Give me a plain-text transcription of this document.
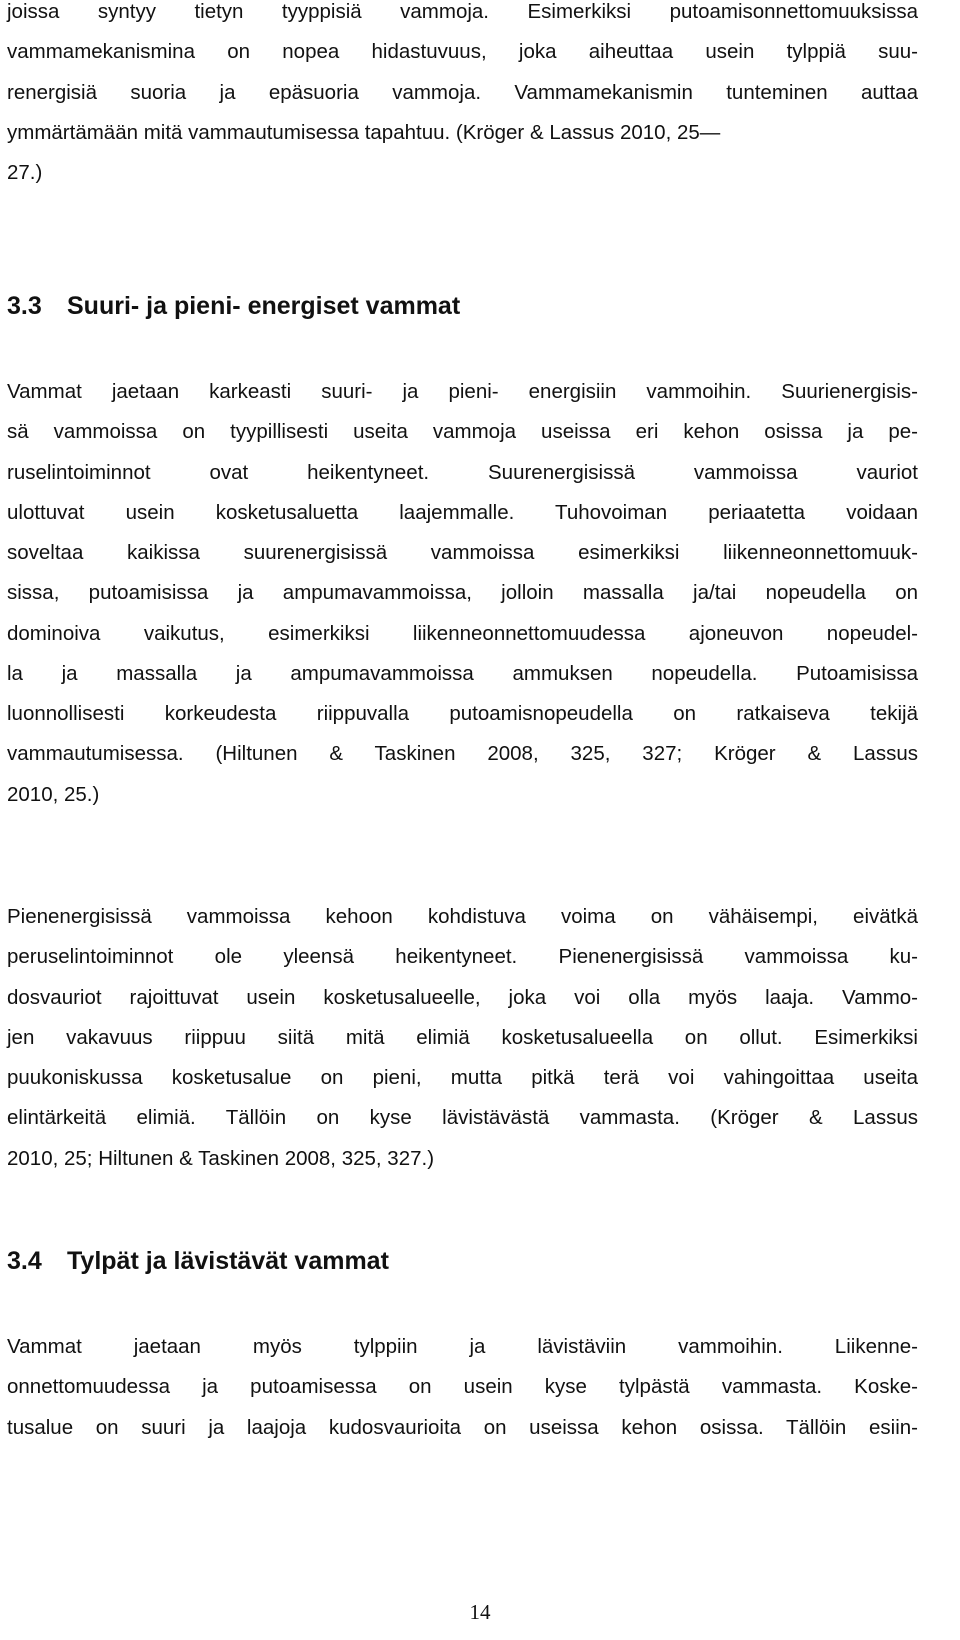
joissa syntyy tietyn tyyppisiä vammoja. Esimerkiksi putoamisonnettomuuksissa
vammamekanismina on nopea hidastuvuus, joka aiheuttaa usein tylppiä suu-
renergisiä suoria ja epäsuoria vammoja. Vammamekanismin tunteminen auttaa
ymmärtämään mitä vammautumisessa tapahtuu. (Kröger & Lassus 2010, 25—
27.)
3.3 Suuri- ja pieni- energiset vammat
Vammat jaetaan karkeasti suuri- ja pieni- energisiin vammoihin. Suurienergisis-
sä vammoissa on tyypillisesti useita vammoja useissa eri kehon osissa ja pe-
ruselintoiminnot ovat heikentyneet. Suurenergisissä vammoissa vauriot
ulottuvat usein kosketusaluetta laajemmalle. Tuhovoiman periaatetta voidaan
soveltaa kaikissa suurenergisissä vammoissa esimerkiksi liikenneonnettomuuk-
sissa, putoamisissa ja ampumavammoissa, jolloin massalla ja/tai nopeudella on
dominoiva vaikutus, esimerkiksi liikenneonnettomuudessa ajoneuvon nopeudel-
la ja massalla ja ampumavammoissa ammuksen nopeudella. Putoamisissa
luonnollisesti korkeudesta riippuvalla putoamisnopeudella on ratkaiseva tekijä
vammautumisessa. (Hiltunen & Taskinen 2008, 325, 327; Kröger & Lassus
2010, 25.)
Pienenergisissä vammoissa kehoon kohdistuva voima on vähäisempi, eivätkä
peruselintoiminnot ole yleensä heikentyneet. Pienenergisissä vammoissa ku-
dosvauriot rajoittuvat usein kosketusalueelle, joka voi olla myös laaja. Vammo-
jen vakavuus riippuu siitä mitä elimiä kosketusalueella on ollut. Esimerkiksi
puukoniskussa kosketusalue on pieni, mutta pitkä terä voi vahingoittaa useita
elintärkeitä elimiä. Tällöin on kyse lävistävästä vammasta. (Kröger & Lassus
2010, 25; Hiltunen & Taskinen 2008, 325, 327.)
3.4 Tylpät ja lävistävät vammat
Vammat jaetaan myös tylppiin ja lävistäviin vammoihin. Liikenne-
onnettomuudessa ja putoamisessa on usein kyse tylpästä vammasta. Koske-
tusalue on suuri ja laajoja kudosvaurioita on useissa kehon osissa. Tällöin esiin-
14
